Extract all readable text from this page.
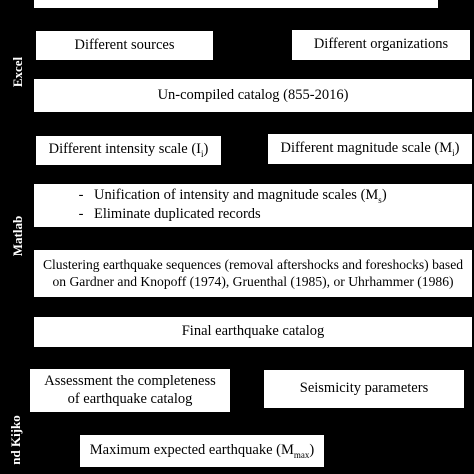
Excel
Matlab
nd Kijko
Different sources	Different organizations
Un-compiled catalog (855-2016)
Different intensity scale $(I_i)$	Different magnitude scale $(M_i)$
- Unification of intensity and magnitude scales $(M_s)$
- Eliminate duplicated records
Clustering earthquake sequences (removal aftershocks and foreshocks) based
on Gardner and Knopoff (1974), Gruenthal (1985), or Uhrhammer (1986)
Final earthquake catalog
Assessment the completeness
of earthquake catalog
Seismicity parameters
Maximum expected earthquake $(M_{max})$
